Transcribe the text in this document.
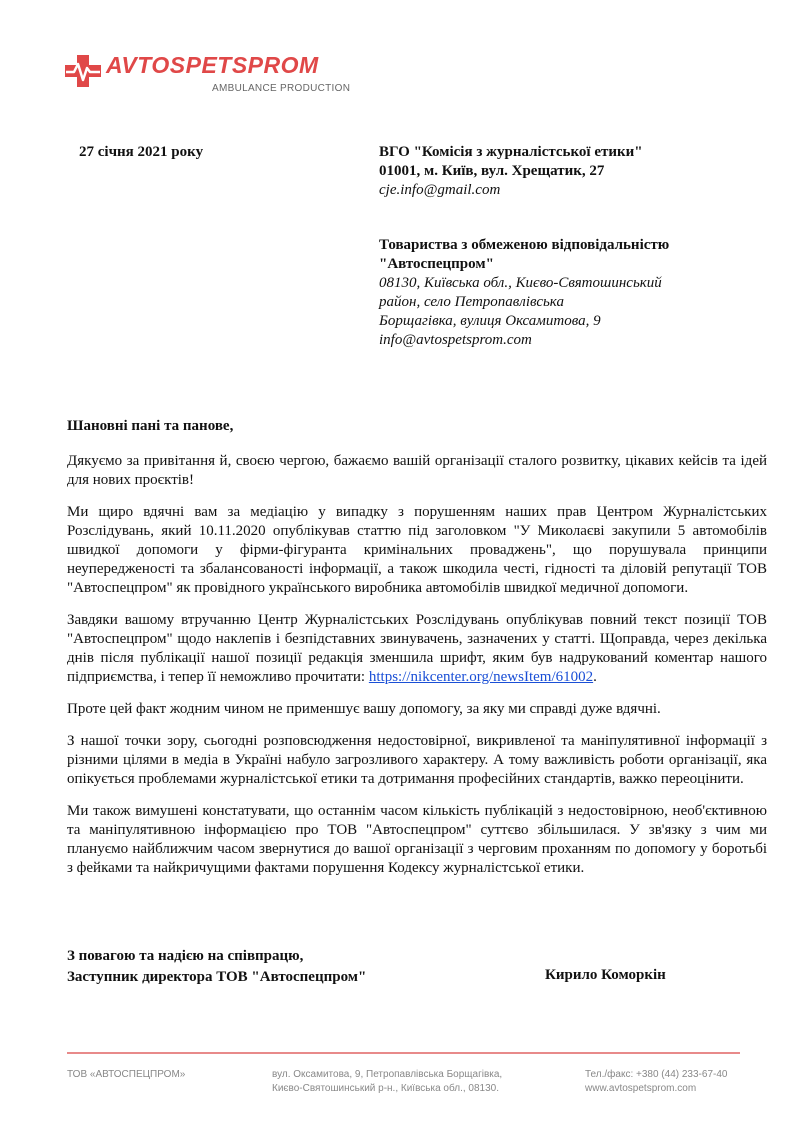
AVTOSPETSPROM
AMBULANCE PRODUCTION
27 січня 2021 року	ВГО "Комісія з журналістської етики"
01001, м. Київ, вул. Хрещатик, 27
cje.info@gmail.com
Товариства з обмеженою відповідальністю
"Автоспецпром"
08130, Київська обл., Києво-Святошинський
район, село Петропавлівська
Борщагівка, вулиця Оксамитова, 9
info@avtospetsprom.com
Шановні пані та панове,

Дякуємо за привітання й, своєю чергою, бажаємо вашій організації сталого розвитку, цікавих кейсів та ідей для нових проєктів!

Ми щиро вдячні вам за медіацію у випадку з порушенням наших прав Центром Журналістських Розслідувань, який 10.11.2020 опублікував статтю під заголовком "У Миколаєві закупили 5 автомобілів швидкої допомоги у фірми-фігуранта кримінальних проваджень", що порушувала принципи неупередженості та збалансованості інформації, а також шкодила честі, гідності та діловій репутації ТОВ "Автоспецпром" як провідного українського виробника автомобілів швидкої медичної допомоги.

Завдяки вашому втручанню Центр Журналістських Розслідувань опублікував повний текст позиції ТОВ "Автоспецпром" щодо наклепів і безпідставних звинувачень, зазначених у статті. Щоправда, через декілька днів після публікації нашої позиції редакція зменшила шрифт, яким був надрукований коментар нашого підприємства, і тепер її неможливо прочитати: https://nikcenter.org/newsItem/61002.

Проте цей факт жодним чином не применшує вашу допомогу, за яку ми справді дуже вдячні.

З нашої точки зору, сьогодні розповсюдження недостовірної, викривленої та маніпулятивної інформації з різними цілями в медіа в Україні набуло загрозливого характеру. А тому важливість роботи організації, яка опікується проблемами журналістської етики та дотримання професійних стандартів, важко переоцінити.

Ми також вимушені констатувати, що останнім часом кількість публікацій з недостовірною, необ'єктивною та маніпулятивною інформацією про ТОВ "Автоспецпром" суттєво збільшилася. У зв'язку з чим ми плануємо найближчим часом звернутися до вашої організації з черговим проханням по допомогу у боротьбі з фейками та найкричущими фактами порушення Кодексу журналістської етики.

З повагою та надією на співпрацю,
Заступник директора ТОВ "Автоспецпром"	Кирило Коморкін
ТОВ «АВТОСПЕЦПРОМ»	вул. Оксамитова, 9, Петропавлівська Борщагівка,
Києво-Святошинський р-н., Київська обл., 08130.
Тел./факс: +380 (44) 233-67-40
www.avtospetsprom.com
